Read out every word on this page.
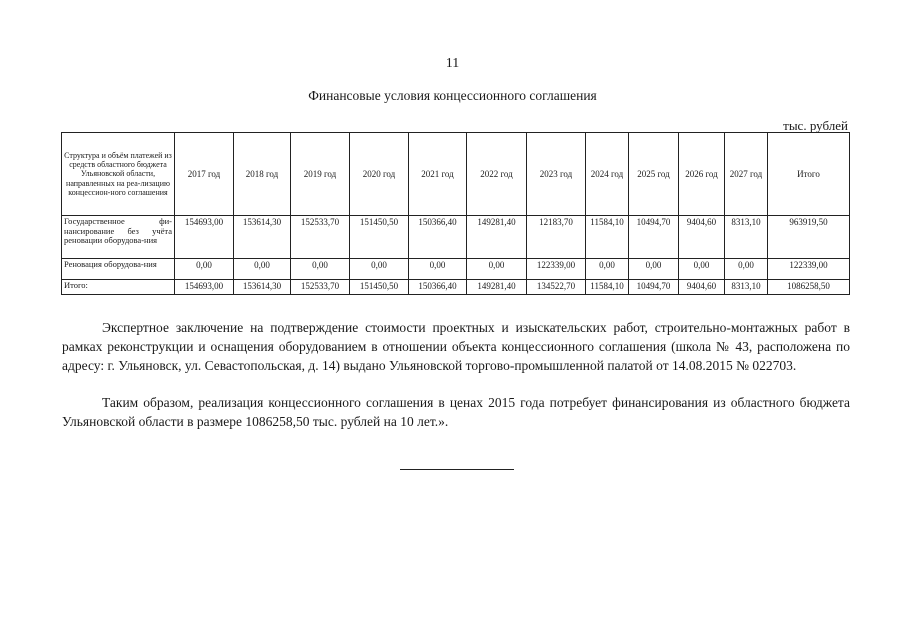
11
Финансовые условия концессионного соглашения
тыс. рублей
Структура и объём платежей из средств областного бюджета Ульяновской области, направленных на реа-лизацию концессион-ного соглашения	2017 год	2018 год	2019 год	2020 год	2021 год	2022 год	2023 год	2024 год	2025 год	2026 год	2027 год	Итого
Государственное фи-нансирование без учёта реновации оборудова-ния	154693,00	153614,30	152533,70	151450,50	150366,40	149281,40	12183,70	11584,10	10494,70	9404,60	8313,10	963919,50
Реновация оборудова-ния	0,00	0,00	0,00	0,00	0,00	0,00	122339,00	0,00	0,00	0,00	0,00	122339,00
Итого:	154693,00	153614,30	152533,70	151450,50	150366,40	149281,40	134522,70	11584,10	10494,70	9404,60	8313,10	1086258,50

Экспертное заключение на подтверждение стоимости проектных и изыскательских работ, строительно-монтажных работ в рамках реконструкции и оснащения оборудованием в отношении объекта концессионного соглашения (школа № 43, расположена по адресу: г. Ульяновск, ул. Севастопольская, д. 14) выдано Ульяновской торгово-промышленной палатой от 14.08.2015 № 022703.

Таким образом, реализация концессионного соглашения в ценах 2015 года потребует финансирования из областного бюджета Ульяновской области в размере 1086258,50 тыс. рублей на 10 лет.».
